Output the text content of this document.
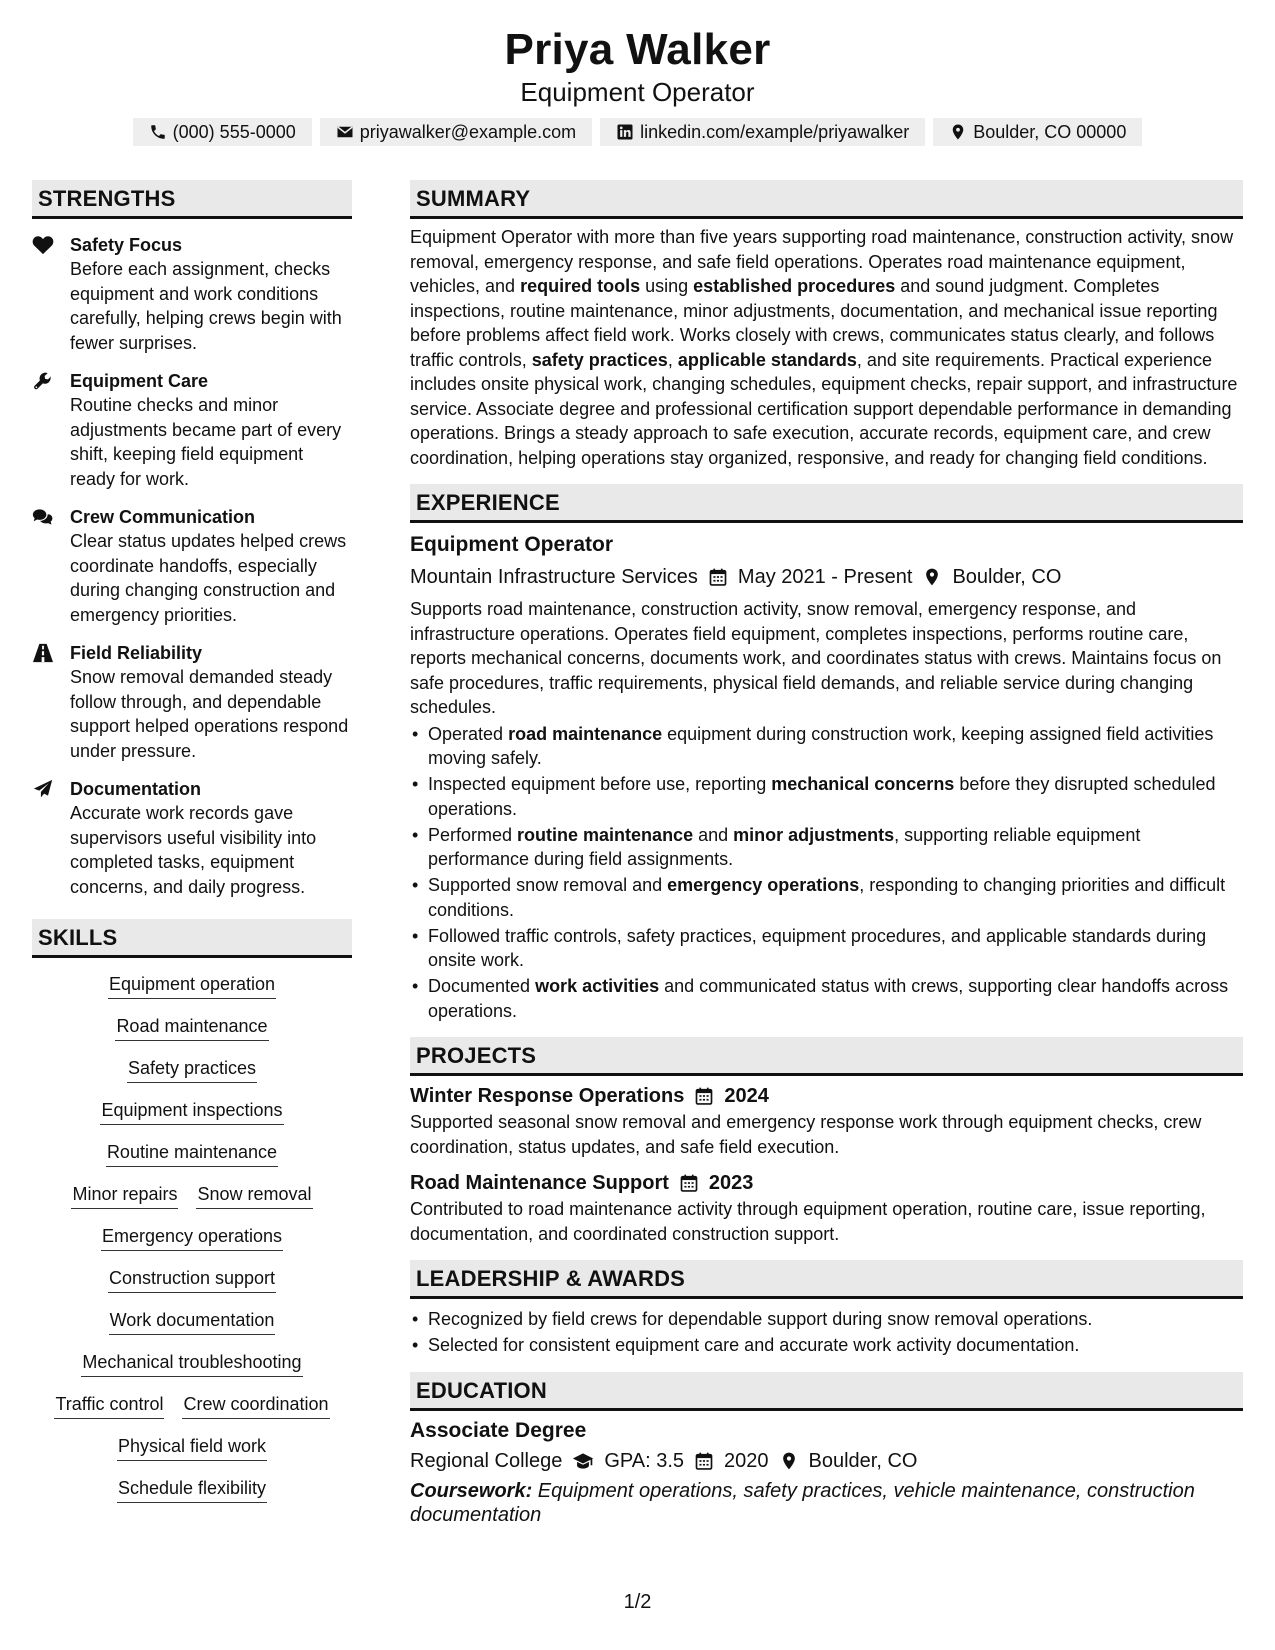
Priya Walker
Equipment Operator
(000) 555-0000	priyawalker@example.com	linkedin.com/example/priyawalker	Boulder, CO 00000
STRENGTHS
Safety Focus
Before each assignment, checks equipment and work conditions carefully, helping crews begin with fewer surprises.
Equipment Care
Routine checks and minor adjustments became part of every shift, keeping field equipment ready for work.
Crew Communication
Clear status updates helped crews coordinate handoffs, especially during changing construction and emergency priorities.
Field Reliability
Snow removal demanded steady follow through, and dependable support helped operations respond under pressure.
Documentation
Accurate work records gave supervisors useful visibility into completed tasks, equipment concerns, and daily progress.
SKILLS
Equipment operation
Road maintenance
Safety practices
Equipment inspections
Routine maintenance
Minor repairs Snow removal
Emergency operations
Construction support
Work documentation
Mechanical troubleshooting
Traffic control Crew coordination
Physical field work
Schedule flexibility
SUMMARY
Equipment Operator with more than five years supporting road maintenance, construction activity, snow removal, emergency response, and safe field operations. Operates road maintenance equipment, vehicles, and required tools using established procedures and sound judgment. Completes inspections, routine maintenance, minor adjustments, documentation, and mechanical issue reporting before problems affect field work. Works closely with crews, communicates status clearly, and follows traffic controls, safety practices, applicable standards, and site requirements. Practical experience includes onsite physical work, changing schedules, equipment checks, repair support, and infrastructure service. Associate degree and professional certification support dependable performance in demanding operations. Brings a steady approach to safe execution, accurate records, equipment care, and crew coordination, helping operations stay organized, responsive, and ready for changing field conditions.
EXPERIENCE
Equipment Operator
Mountain Infrastructure Services May 2021 - Present Boulder, CO
Supports road maintenance, construction activity, snow removal, emergency response, and infrastructure operations. Operates field equipment, completes inspections, performs routine care, reports mechanical concerns, documents work, and coordinates status with crews. Maintains focus on safe procedures, traffic requirements, physical field demands, and reliable service during changing schedules.
• Operated road maintenance equipment during construction work, keeping assigned field activities moving safely.
• Inspected equipment before use, reporting mechanical concerns before they disrupted scheduled operations.
• Performed routine maintenance and minor adjustments, supporting reliable equipment performance during field assignments.
• Supported snow removal and emergency operations, responding to changing priorities and difficult conditions.
• Followed traffic controls, safety practices, equipment procedures, and applicable standards during onsite work.
• Documented work activities and communicated status with crews, supporting clear handoffs across operations.
PROJECTS
Winter Response Operations 2024
Supported seasonal snow removal and emergency response work through equipment checks, crew coordination, status updates, and safe field execution.
Road Maintenance Support 2023
Contributed to road maintenance activity through equipment operation, routine care, issue reporting, documentation, and coordinated construction support.
LEADERSHIP & AWARDS
• Recognized by field crews for dependable support during snow removal operations.
• Selected for consistent equipment care and accurate work activity documentation.
EDUCATION
Associate Degree
Regional College GPA: 3.5 2020 Boulder, CO
Coursework: Equipment operations, safety practices, vehicle maintenance, construction documentation
1/2
